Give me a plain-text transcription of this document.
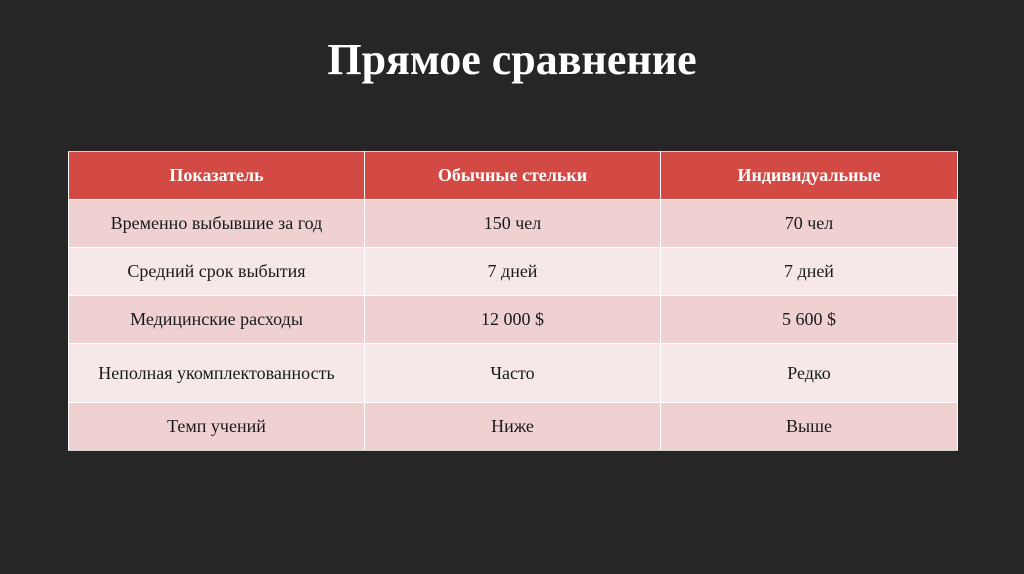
Прямое сравнение
Показатель	Обычные стельки	Индивидуальные
Временно выбывшие за год	150 чел	70 чел
Средний срок выбытия	7 дней	7 дней
Медицинские расходы	12 000 $	5 600 $
Неполная укомплектованность	Часто	Редко
Темп учений	Ниже	Выше
